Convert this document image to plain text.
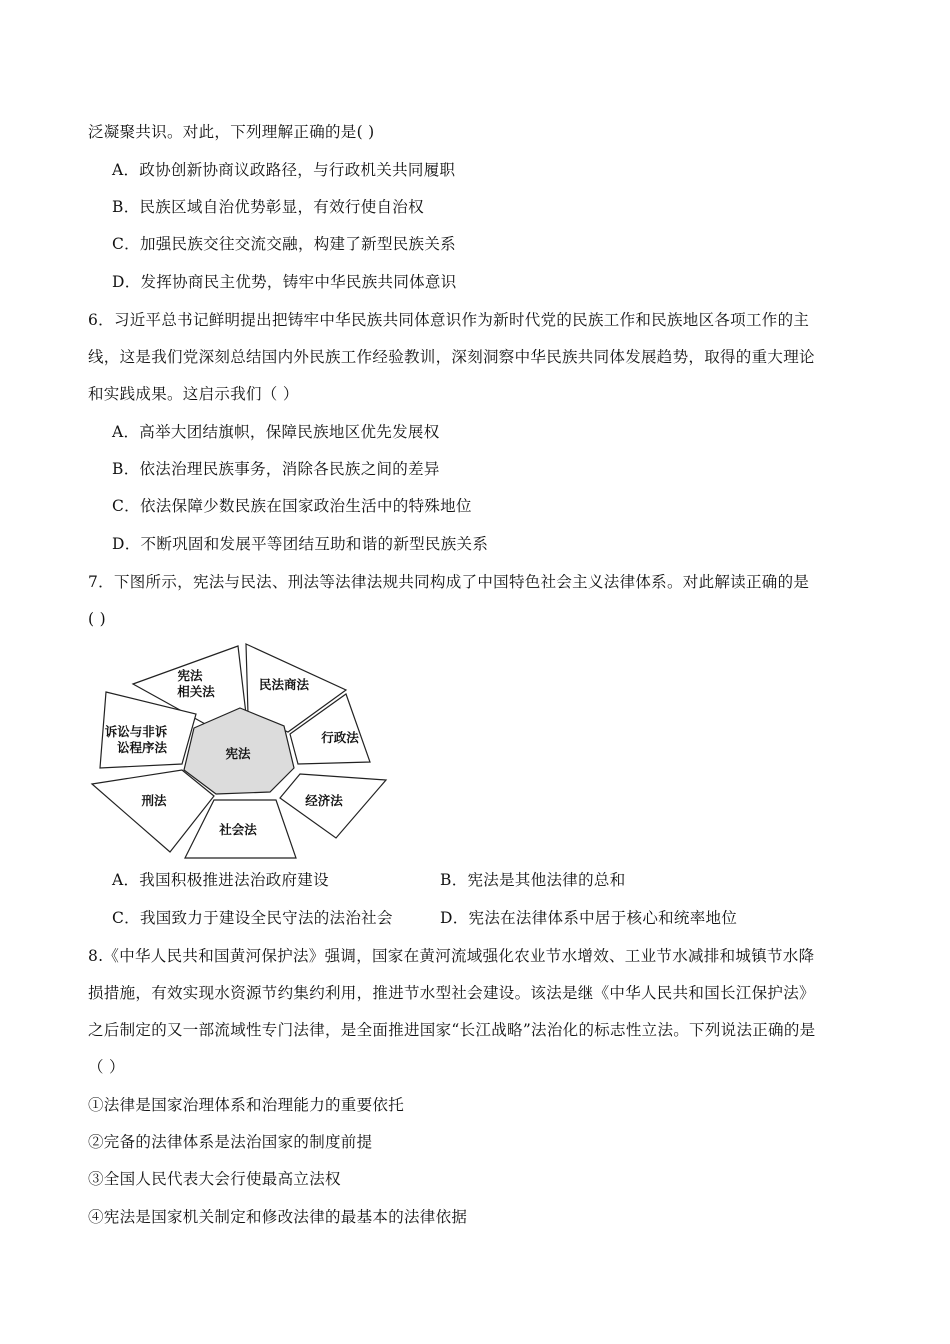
泛凝聚共识。对此，下列理解正确的是( )
A．政协创新协商议政路径，与行政机关共同履职
B．民族区域自治优势彰显，有效行使自治权
C．加强民族交往交流交融，构建了新型民族关系
D．发挥协商民主优势，铸牢中华民族共同体意识
6．习近平总书记鲜明提出把铸牢中华民族共同体意识作为新时代党的民族工作和民族地区各项工作的主
线，这是我们党深刻总结国内外民族工作经验教训，深刻洞察中华民族共同体发展趋势，取得的重大理论
和实践成果。这启示我们（ ）
A．高举大团结旗帜，保障民族地区优先发展权
B．依法治理民族事务，消除各民族之间的差异
C．依法保障少数民族在国家政治生活中的特殊地位
D．不断巩固和发展平等团结互助和谐的新型民族关系
7．下图所示，宪法与民法、刑法等法律法规共同构成了中国特色社会主义法律体系。对此解读正确的是
( )
宪法
相关法	民法商法
行政法
经济法
社会法
刑法
诉讼与非诉
讼程序法	宪法
A．我国积极推进法治政府建设	B．宪法是其他法律的总和
C．我国致力于建设全民守法的法治社会	D．宪法在法律体系中居于核心和统率地位
8.《中华人民共和国黄河保护法》强调，国家在黄河流域强化农业节水增效、工业节水减排和城镇节水降
损措施，有效实现水资源节约集约利用，推进节水型社会建设。该法是继《中华人民共和国长江保护法》
之后制定的又一部流域性专门法律，是全面推进国家“长江战略”法治化的标志性立法。下列说法正确的是
（ ）
①法律是国家治理体系和治理能力的重要依托
②完备的法律体系是法治国家的制度前提
③全国人民代表大会行使最高立法权
④宪法是国家机关制定和修改法律的最基本的法律依据
